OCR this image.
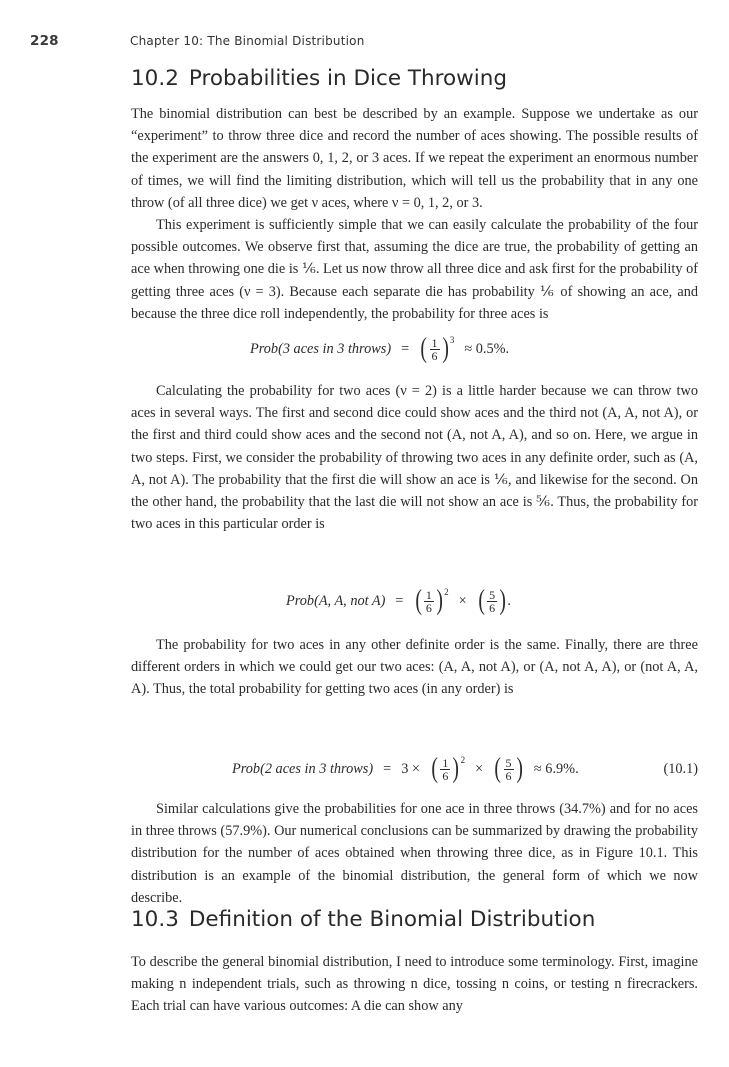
228	Chapter 10: The Binomial Distribution
10.2 Probabilities in Dice Throwing

The binomial distribution can best be described by an example. Suppose we undertake as our “experiment” to throw three dice and record the number of aces showing. The possible results of the experiment are the answers 0, 1, 2, or 3 aces. If we repeat the experiment an enormous number of times, we will find the limiting distribution, which will tell us the probability that in any one throw (of all three dice) we get ν aces, where ν = 0, 1, 2, or 3.

This experiment is sufficiently simple that we can easily calculate the probability of the four possible outcomes. We observe first that, assuming the dice are true, the probability of getting an ace when throwing one die is ⅙. Let us now throw all three dice and ask first for the probability of getting three aces (ν = 3). Because each separate die has probability ⅙ of showing an ace, and because the three dice roll independently, the probability for three aces is

Prob(3 aces in 3 throws) = ( $\frac{1}{6} )^3$
≈ 0.5%.

Calculating the probability for two aces (ν = 2) is a little harder because we can throw two aces in several ways. The first and second dice could show aces and the third not (A, A, not A), or the first and third could show aces and the second not (A, not A, A), and so on. Here, we argue in two steps. First, we consider the probability of throwing two aces in any definite order, such as (A, A, not A). The probability that the first die will show an ace is ⅙, and likewise for the second. On the other hand, the probability that the last die will not show an ace is ⅚. Thus, the probability for two aces in this particular order is

Prob(A, A, not A) = ( $\frac{1}{6} )^2$
× ( $\frac{5}{6}$ ) .

The probability for two aces in any other definite order is the same. Finally, there are three different orders in which we could get our two aces: (A, A, not A), or (A, not A, A), or (not A, A, A). Thus, the total probability for getting two aces (in any order) is

Prob(2 aces in 3 throws) = 3 × ( $\frac{1}{6} )^2$
× ( $\frac{5}{6}$ ) ≈ 6.9%.	(10.1)

Similar calculations give the probabilities for one ace in three throws (34.7%) and for no aces in three throws (57.9%). Our numerical conclusions can be summarized by drawing the probability distribution for the number of aces obtained when throwing three dice, as in Figure 10.1. This distribution is an example of the binomial distribution, the general form of which we now describe.

10.3 Definition of the Binomial Distribution

To describe the general binomial distribution, I need to introduce some terminology. First, imagine making n independent trials, such as throwing n dice, tossing n coins, or testing n firecrackers. Each trial can have various outcomes: A die can show any
